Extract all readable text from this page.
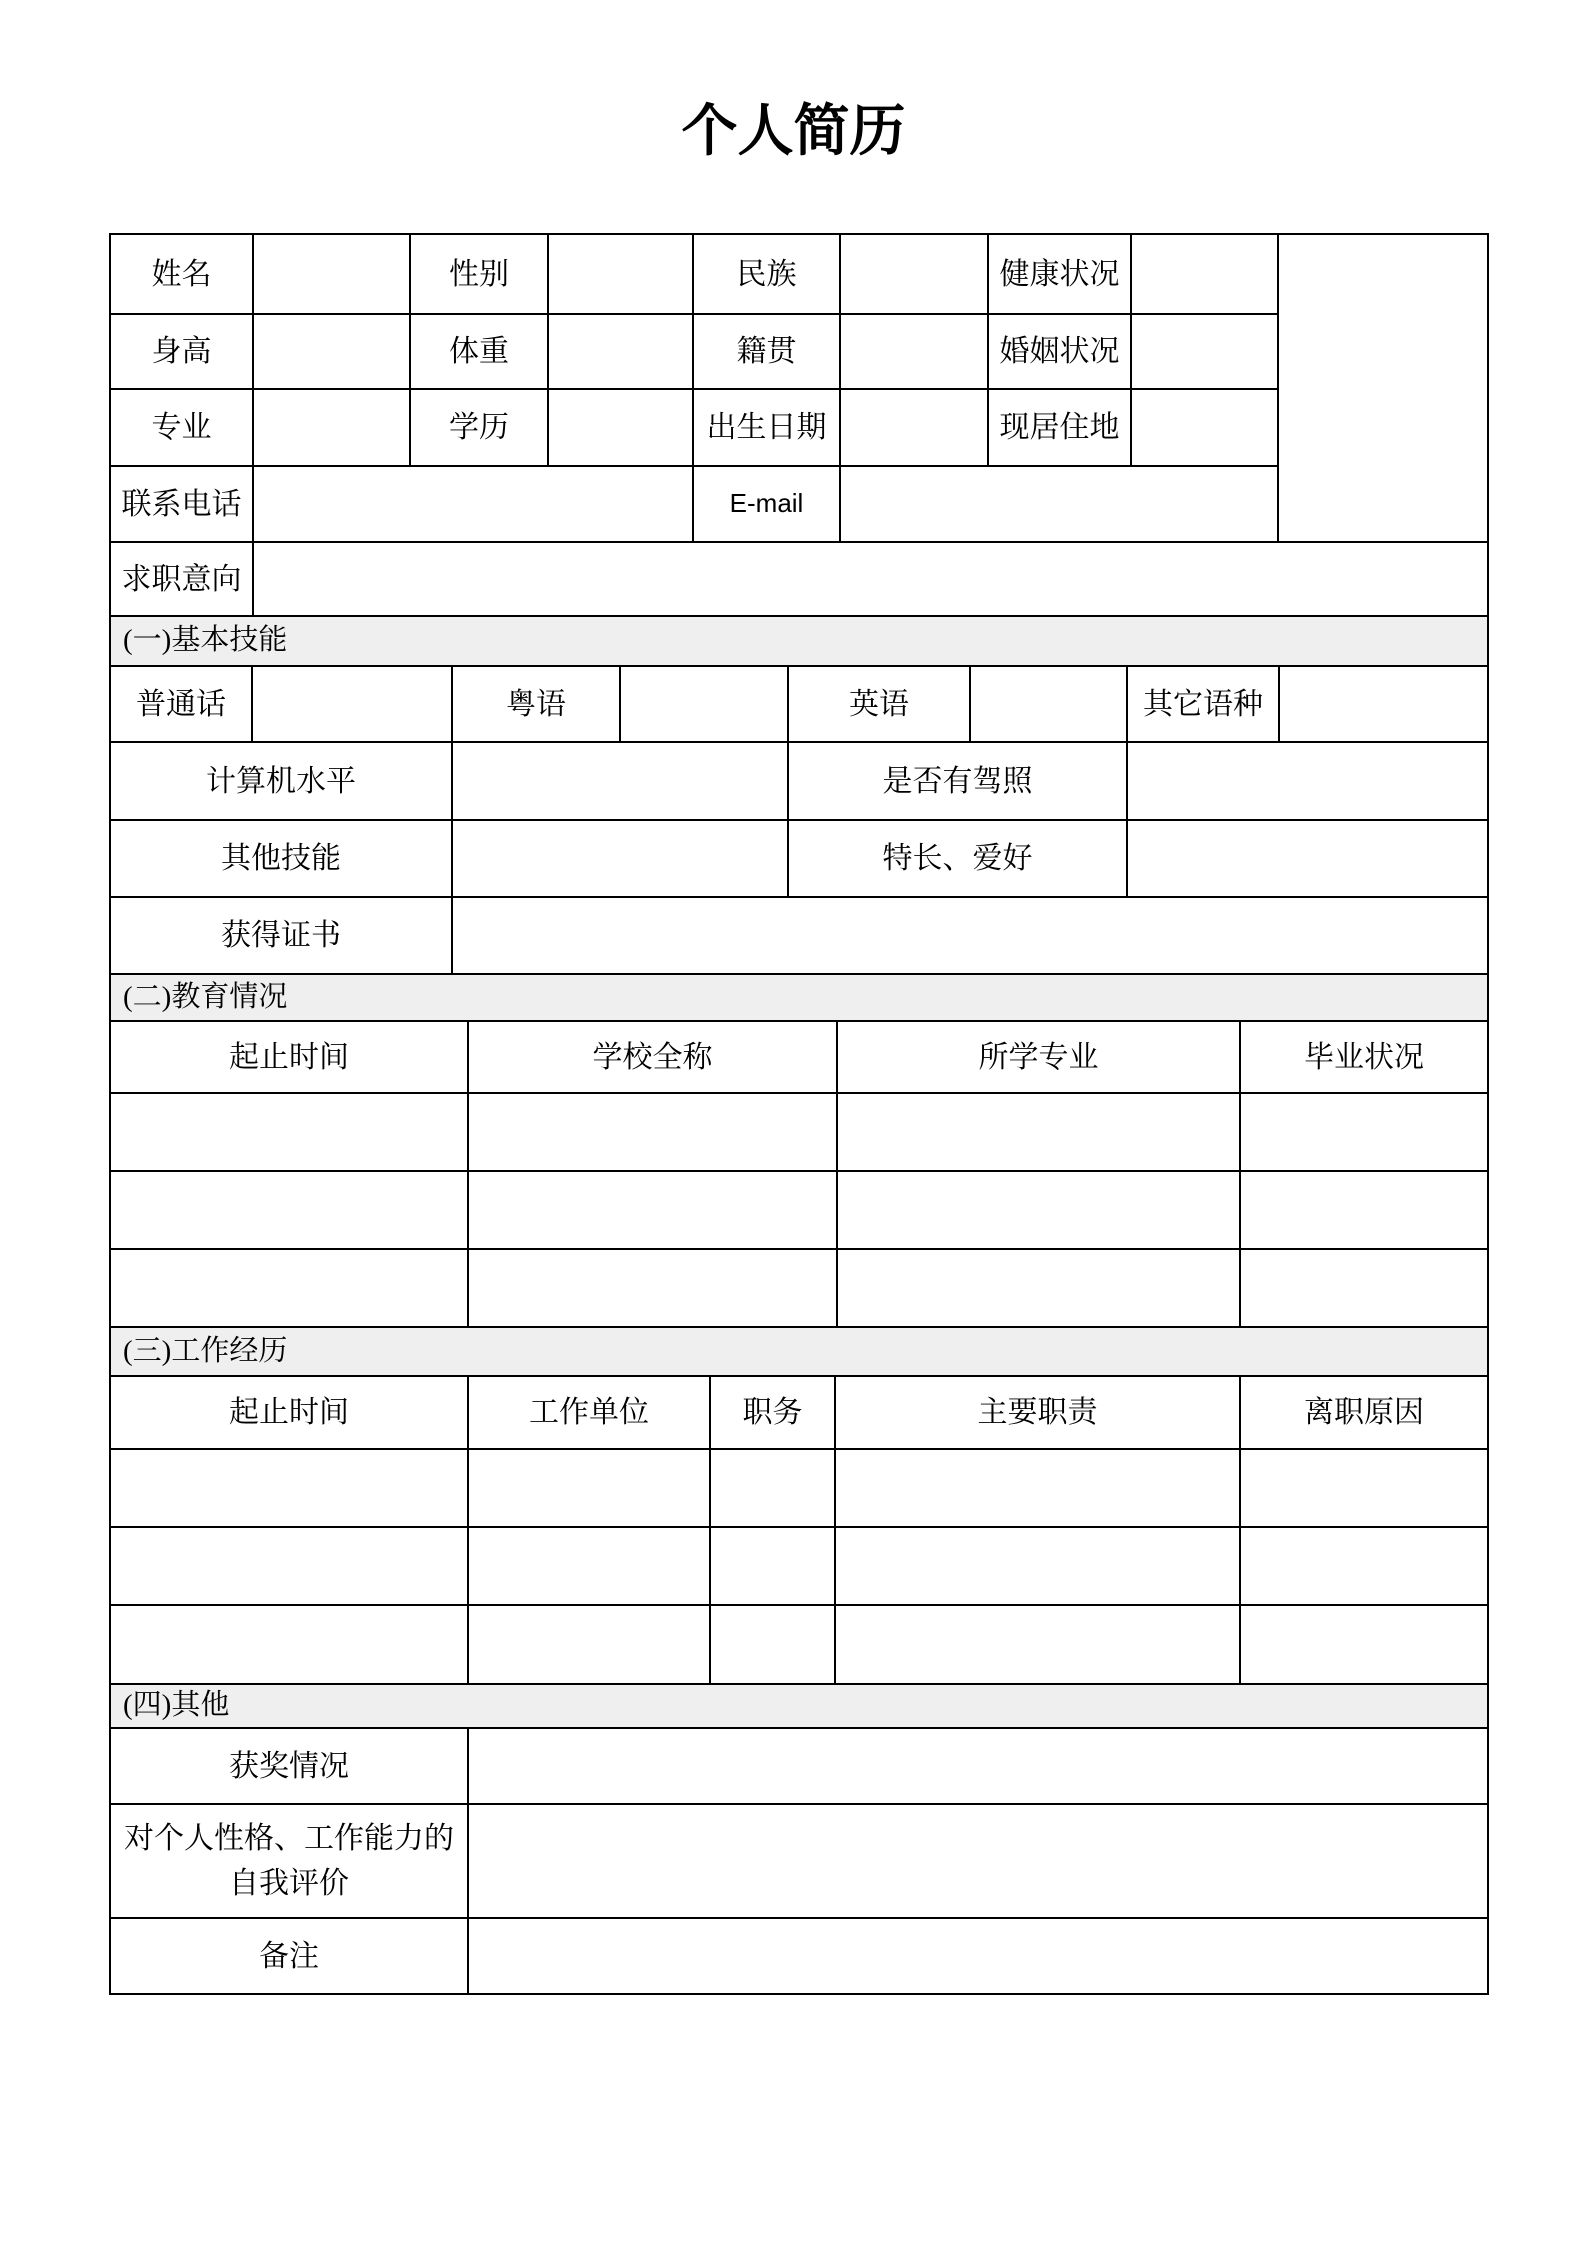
个人简历
姓名		性别		民族		健康状况		
身高		体重		籍贯		婚姻状况		
专业		学历		出生日期		现居住地		
联系电话				E-mail				
求职意向								
(一)基本技能							
普通话		粤语		英语		其它语种	
计算机水平				是否有驾照			
其他技能				特长、爱好			
获得证书							
(二)教育情况			
起止时间	学校全称	所学专业	毕业状况

(三)工作经历				
起止时间	工作单位	职务	主要职责	离职原因

(四)其他	
获奖情况	
对个人性格、工作能力的自我评价	
备注	
